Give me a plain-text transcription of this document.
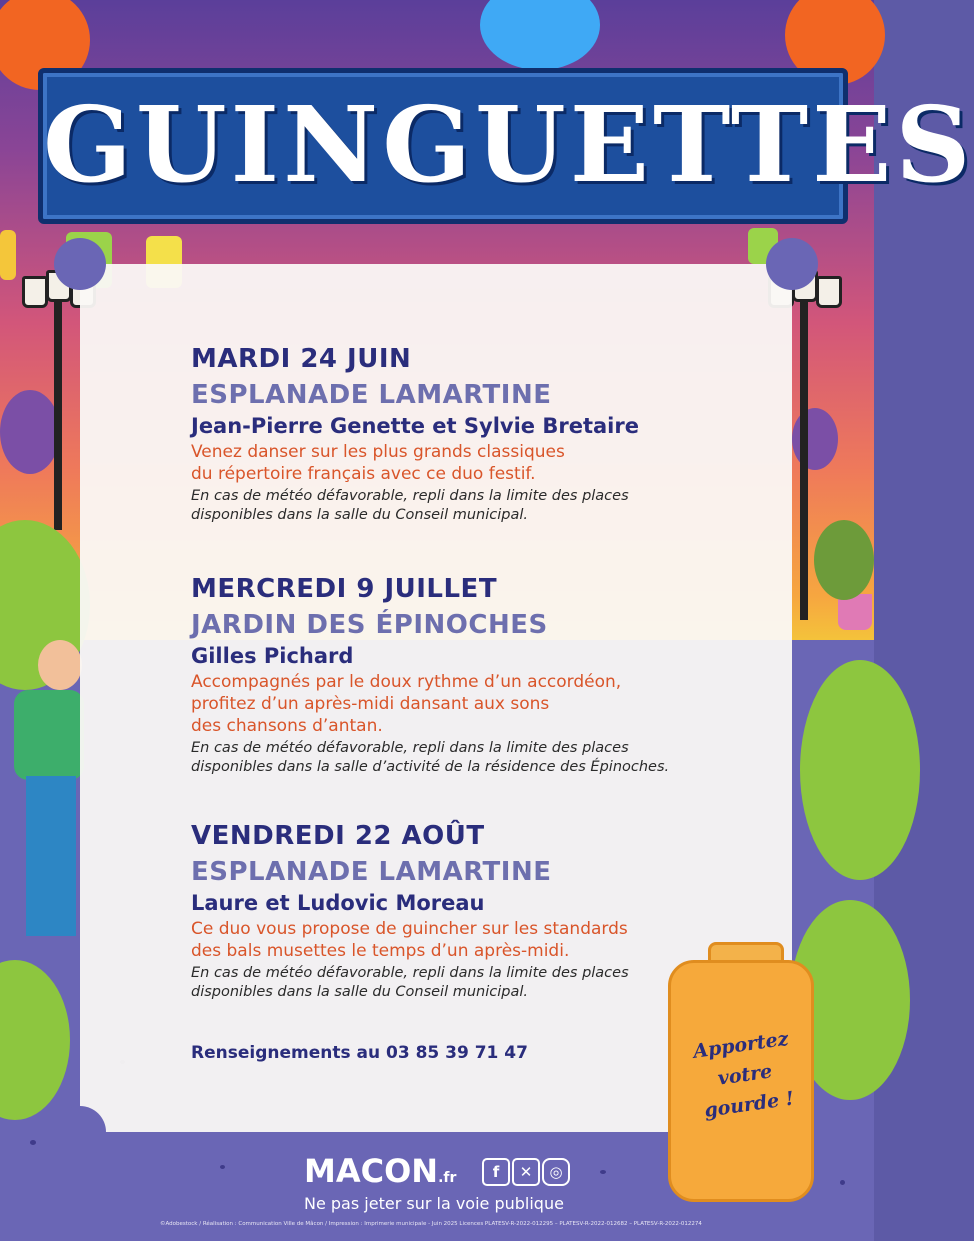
GUINGUETTES
MARDI 24 JUIN
ESPLANADE LAMARTINE
Jean-Pierre Genette et Sylvie Bretaire
Venez danser sur les plus grands classiques
du répertoire français avec ce duo festif.
En cas de météo défavorable, repli dans la limite des places
disponibles dans la salle du Conseil municipal.
MERCREDI 9 JUILLET
JARDIN DES ÉPINOCHES
Gilles Pichard
Accompagnés par le doux rythme d’un accordéon,
profitez d’un après-midi dansant aux sons
des chansons d’antan.
En cas de météo défavorable, repli dans la limite des places
disponibles dans la salle d’activité de la résidence des Épinoches.
VENDREDI 22 AOÛT
ESPLANADE LAMARTINE
Laure et Ludovic Moreau
Ce duo vous propose de guincher sur les standards
des bals musettes le temps d’un après-midi.
En cas de météo défavorable, repli dans la limite des places
disponibles dans la salle du Conseil municipal.
Renseignements au 03 85 39 71 47	Apportez
votre
gourde !
MACON.fr	f	✕	◎
Ne pas jeter sur la voie publique
©Adobestock / Réalisation : Communication Ville de Mâcon / Impression : Imprimerie municipale - Juin 2025 Licences PLATESV-R-2022-012295 – PLATESV-R-2022-012682 – PLATESV-R-2022-012274
